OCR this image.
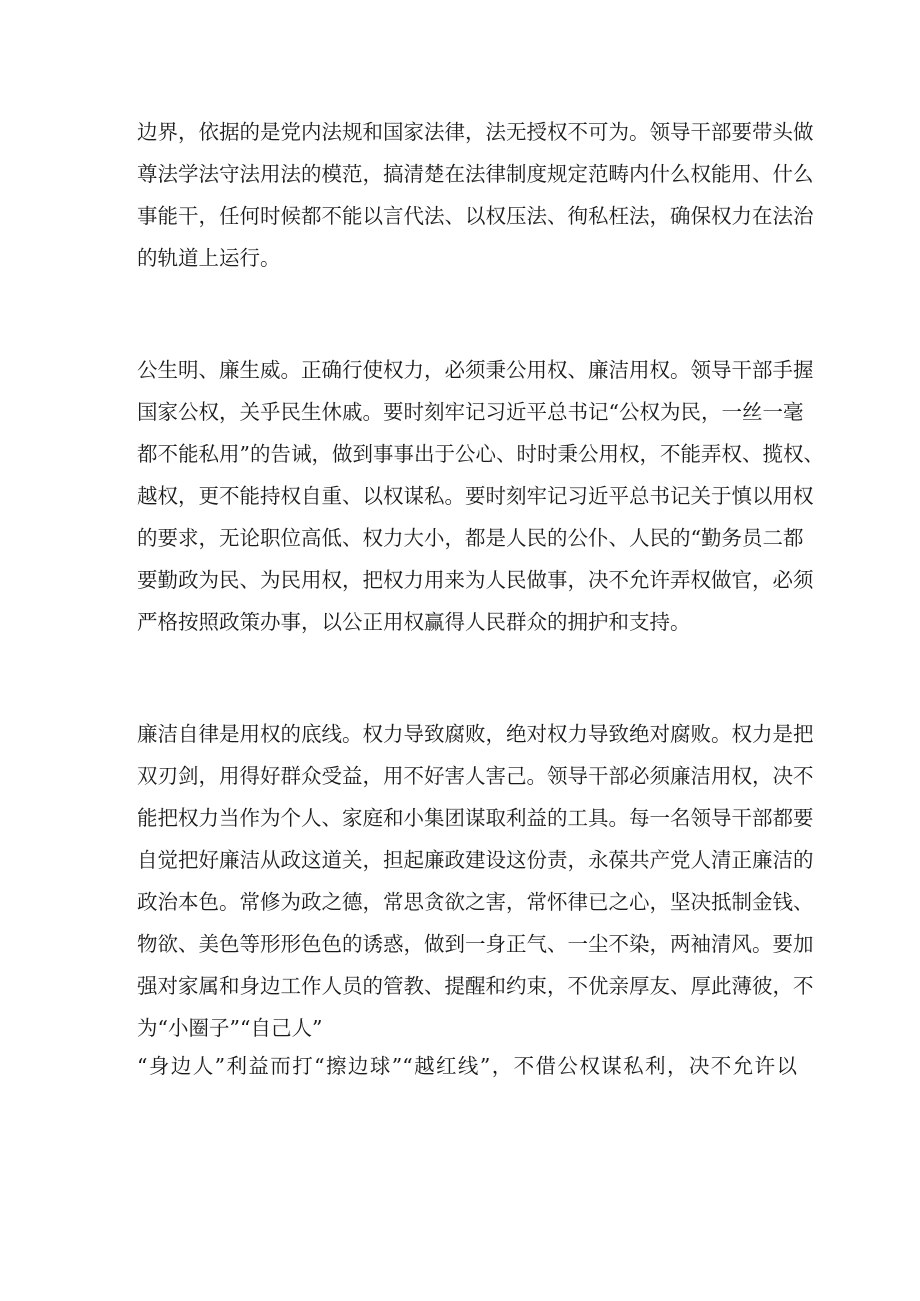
边界，依据的是党内法规和国家法律，法无授权不可为。领导干部要带头做
尊法学法守法用法的模范，搞清楚在法律制度规定范畴内什么权能用、什么
事能干，任何时候都不能以言代法、以权压法、徇私枉法，确保权力在法治
的轨道上运行。
公生明、廉生威。正确行使权力，必须秉公用权、廉洁用权。领导干部手握
国家公权，关乎民生休戚。要时刻牢记习近平总书记“公权为民，一丝一毫
都不能私用”的告诫，做到事事出于公心、时时秉公用权，不能弄权、揽权、
越权，更不能持权自重、以权谋私。要时刻牢记习近平总书记关于慎以用权
的要求，无论职位高低、权力大小，都是人民的公仆、人民的“勤务员二都
要勤政为民、为民用权，把权力用来为人民做事，决不允许弄权做官，必须
严格按照政策办事，以公正用权赢得人民群众的拥护和支持。
廉洁自律是用权的底线。权力导致腐败，绝对权力导致绝对腐败。权力是把
双刃剑，用得好群众受益，用不好害人害己。领导干部必须廉洁用权，决不
能把权力当作为个人、家庭和小集团谋取利益的工具。每一名领导干部都要
自觉把好廉洁从政这道关，担起廉政建设这份责，永葆共产党人清正廉洁的
政治本色。常修为政之德，常思贪欲之害，常怀律已之心，坚决抵制金钱、
物欲、美色等形形色色的诱惑，做到一身正气、一尘不染，两袖清风。要加
强对家属和身边工作人员的管教、提醒和约束，不优亲厚友、厚此薄彼，不
为“小圈子”“自己人”
“身边人”利益而打“擦边球”“越红线”，不借公权谋私利，决不允许以
